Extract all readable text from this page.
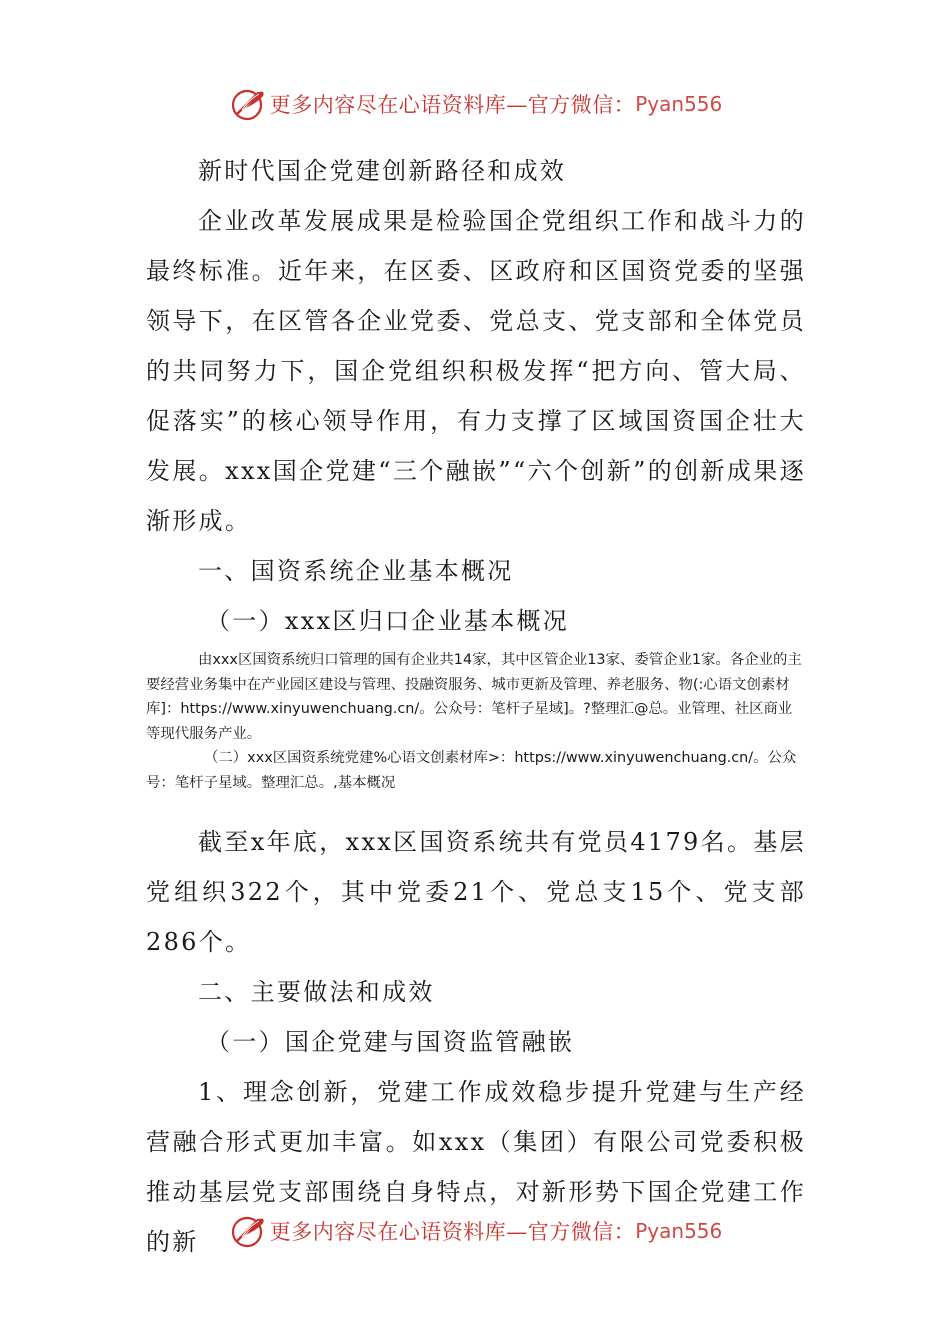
更多内容尽在心语资料库—官方微信： Pyan556

新时代国企党建创新路径和成效

企业改革发展成果是检验国企党组织工作和战斗力的最终标准。近年来，在区委、区政府和区国资党委的坚强领导下，在区管各企业党委、党总支、党支部和全体党员的共同努力下，国企党组织积极发挥“把方向、管大局、促落实”的核心领导作用，有力支撑了区域国资国企壮大发展。xxx国企党建“三个融嵌”“六个创新”的创新成果逐渐形成。

一、国资系统企业基本概况

（一）xxx区归口企业基本概况

由xxx区国资系统归口管理的国有企业共14家，其中区管企业13家、委管企业1家。各企业的主要经营业务集中在产业园区建设与管理、投融资服务、城市更新及管理、养老服务、物(:心语文创素材库]：https://www.xinyuwenchuang.cn/。公众号：笔杆子星域]。?整理汇@总。业管理、社区商业等现代服务产业。

（二）xxx区国资系统党建%心语文创素材库>：https://www.xinyuwenchuang.cn/。公众号：笔杆子星域。整理汇总。,基本概况

截至x年底，xxx区国资系统共有党员4179名。基层党组织322个，其中党委21个、党总支15个、党支部286个。

二、主要做法和成效

（一）国企党建与国资监管融嵌

1、理念创新，党建工作成效稳步提升党建与生产经营融合形式更加丰富。如xxx（集团）有限公司党委积极推动基层党支部围绕自身特点，对新形势下国企党建工作的新	更多内容尽在心语资料库—官方微信： Pyan556
